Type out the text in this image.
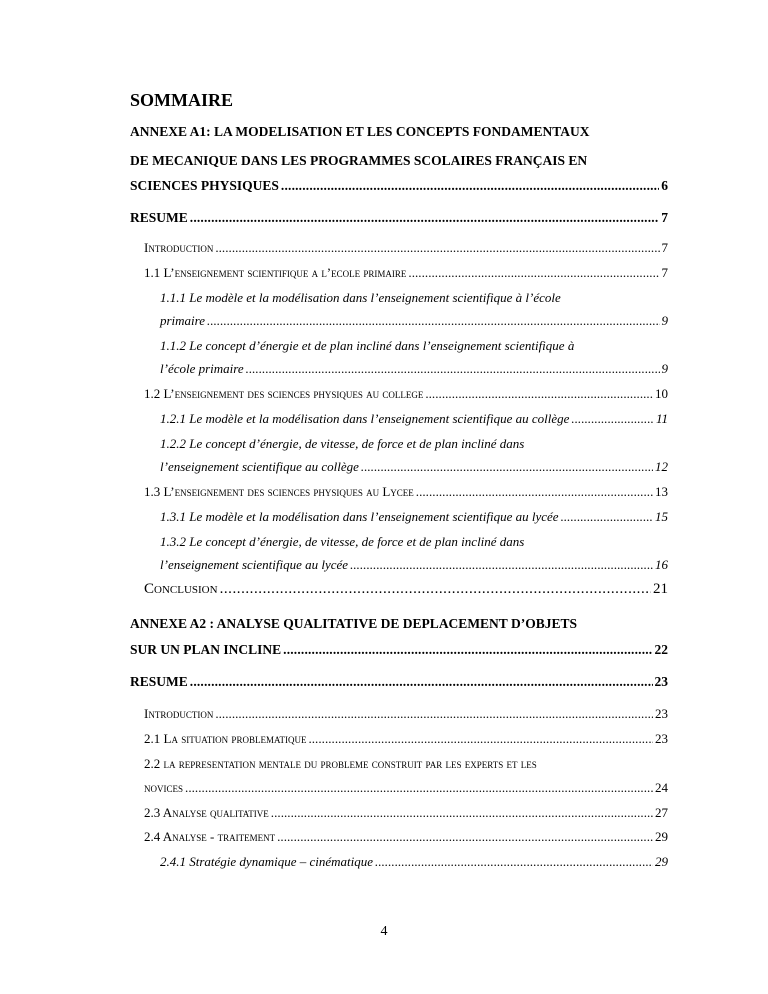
SOMMAIRE
ANNEXE A1: LA MODELISATION ET LES CONCEPTS FONDAMENTAUX
DE MECANIQUE DANS LES PROGRAMMES SCOLAIRES FRANÇAIS EN
SCIENCES PHYSIQUES . . .	6
RESUME . . .	7
Introduction . . .	7
1.1 L’enseignement scientifique a l’ecole primaire . . .	7
1.1.1 Le modèle et la modélisation dans l’enseignement scientifique à l’école
primaire . . .	9
1.1.2 Le concept d’énergie et de plan incliné dans l’enseignement scientifique à
l’école primaire . . .	9
1.2 L’enseignement des sciences physiques au college . . .	10
1.2.1 Le modèle et la modélisation dans l’enseignement scientifique au collège . . .	11
1.2.2 Le concept d’énergie, de vitesse, de force et de plan incliné dans
l’enseignement scientifique au collège . . .	12
1.3 L’enseignement des sciences physiques au Lycee . . .	13
1.3.1 Le modèle et la modélisation dans l’enseignement scientifique au lycée . . .	15
1.3.2 Le concept d’énergie, de vitesse, de force et de plan incliné dans
l’enseignement scientifique au lycée . . .	16
Conclusion . . .	21
ANNEXE A2 : ANALYSE QUALITATIVE DE DEPLACEMENT D’OBJETS
SUR UN PLAN INCLINE . . .	22
RESUME . . .	23
Introduction . . .	23
2.1 La situation problematique . . .	23
2.2 la representation mentale du probleme construit par les experts et les
novices . . .	24
2.3 Analyse qualitative . . .	27
2.4 Analyse - traitement . . .	29
2.4.1 Stratégie dynamique – cinématique . . .	29
4
